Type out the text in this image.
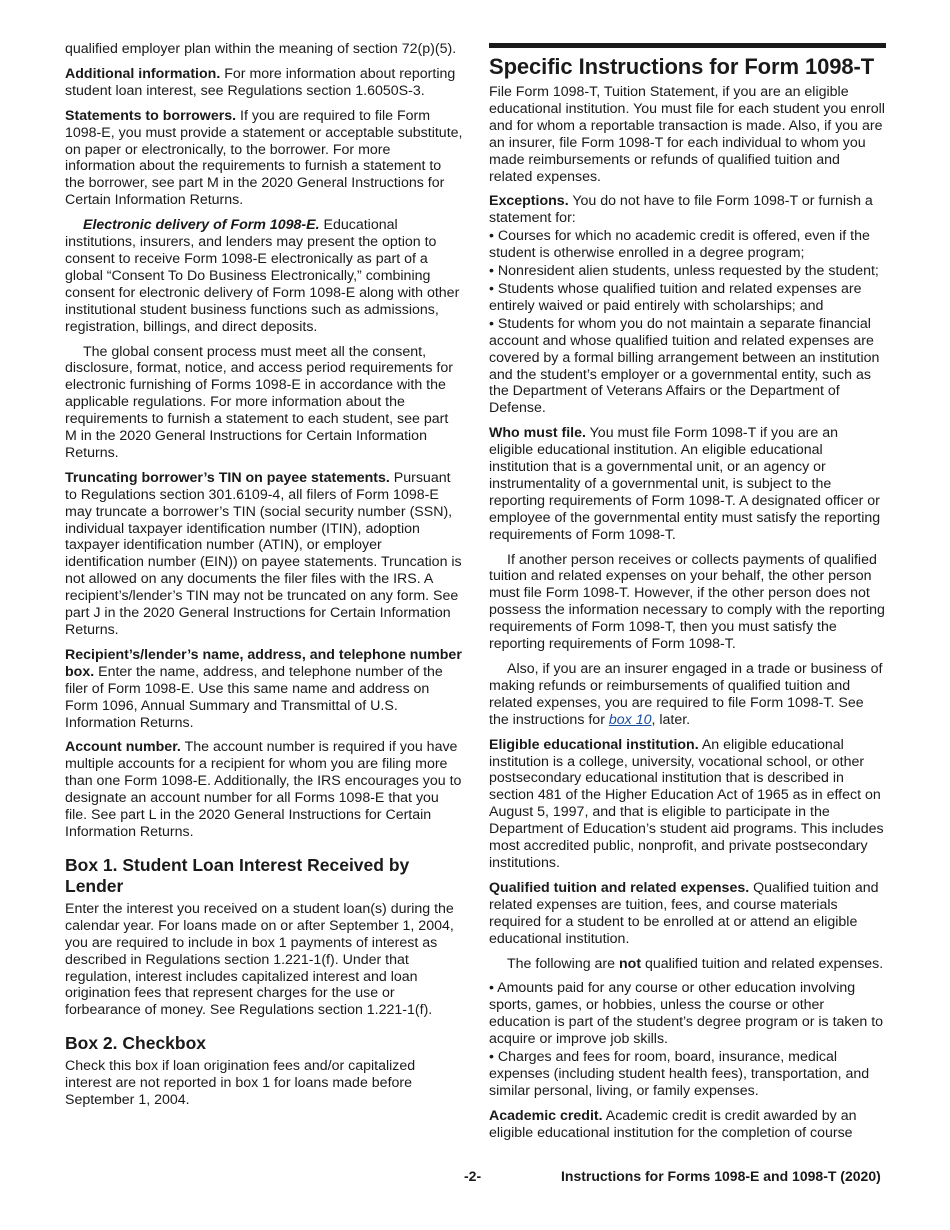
qualified employer plan within the meaning of section 72(p)(5).

Additional information. For more information about reporting student loan interest, see Regulations section 1.6050S-3.

Statements to borrowers. If you are required to file Form 1098-E, you must provide a statement or acceptable substitute, on paper or electronically, to the borrower. For more information about the requirements to furnish a statement to the borrower, see part M in the 2020 General Instructions for Certain Information Returns.

Electronic delivery of Form 1098-E. Educational institutions, insurers, and lenders may present the option to consent to receive Form 1098-E electronically as part of a global “Consent To Do Business Electronically,” combining consent for electronic delivery of Form 1098-E along with other institutional student business functions such as admissions, registration, billings, and direct deposits.

The global consent process must meet all the consent, disclosure, format, notice, and access period requirements for electronic furnishing of Forms 1098-E in accordance with the applicable regulations. For more information about the requirements to furnish a statement to each student, see part M in the 2020 General Instructions for Certain Information Returns.

Truncating borrower’s TIN on payee statements. Pursuant to Regulations section 301.6109-4, all filers of Form 1098-E may truncate a borrower’s TIN (social security number (SSN), individual taxpayer identification number (ITIN), adoption taxpayer identification number (ATIN), or employer identification number (EIN)) on payee statements. Truncation is not allowed on any documents the filer files with the IRS. A recipient’s/lender’s TIN may not be truncated on any form. See part J in the 2020 General Instructions for Certain Information Returns.

Recipient’s/lender’s name, address, and telephone number box. Enter the name, address, and telephone number of the filer of Form 1098-E. Use this same name and address on Form 1096, Annual Summary and Transmittal of U.S. Information Returns.

Account number. The account number is required if you have multiple accounts for a recipient for whom you are filing more than one Form 1098-E. Additionally, the IRS encourages you to designate an account number for all Forms 1098-E that you file. See part L in the 2020 General Instructions for Certain Information Returns.

Box 1. Student Loan Interest Received by Lender

Enter the interest you received on a student loan(s) during the calendar year. For loans made on or after September 1, 2004, you are required to include in box 1 payments of interest as described in Regulations section 1.221-1(f). Under that regulation, interest includes capitalized interest and loan origination fees that represent charges for the use or forbearance of money. See Regulations section 1.221-1(f).

Box 2. Checkbox

Check this box if loan origination fees and/or capitalized interest are not reported in box 1 for loans made before September 1, 2004.

Specific Instructions for Form 1098-T

File Form 1098-T, Tuition Statement, if you are an eligible educational institution. You must file for each student you enroll and for whom a reportable transaction is made. Also, if you are an insurer, file Form 1098-T for each individual to whom you made reimbursements or refunds of qualified tuition and related expenses.

Exceptions. You do not have to file Form 1098-T or furnish a statement for:

• Courses for which no academic credit is offered, even if the student is otherwise enrolled in a degree program;

• Nonresident alien students, unless requested by the student;

• Students whose qualified tuition and related expenses are entirely waived or paid entirely with scholarships; and

• Students for whom you do not maintain a separate financial account and whose qualified tuition and related expenses are covered by a formal billing arrangement between an institution and the student’s employer or a governmental entity, such as the Department of Veterans Affairs or the Department of Defense.

Who must file. You must file Form 1098-T if you are an eligible educational institution. An eligible educational institution that is a governmental unit, or an agency or instrumentality of a governmental unit, is subject to the reporting requirements of Form 1098-T. A designated officer or employee of the governmental entity must satisfy the reporting requirements of Form 1098-T.

If another person receives or collects payments of qualified tuition and related expenses on your behalf, the other person must file Form 1098-T. However, if the other person does not possess the information necessary to comply with the reporting requirements of Form 1098-T, then you must satisfy the reporting requirements of Form 1098-T.

Also, if you are an insurer engaged in a trade or business of making refunds or reimbursements of qualified tuition and related expenses, you are required to file Form 1098-T. See the instructions for box 10, later.

Eligible educational institution. An eligible educational institution is a college, university, vocational school, or other postsecondary educational institution that is described in section 481 of the Higher Education Act of 1965 as in effect on August 5, 1997, and that is eligible to participate in the Department of Education’s student aid programs. This includes most accredited public, nonprofit, and private postsecondary institutions.

Qualified tuition and related expenses. Qualified tuition and related expenses are tuition, fees, and course materials required for a student to be enrolled at or attend an eligible educational institution.

The following are not qualified tuition and related expenses.

• Amounts paid for any course or other education involving sports, games, or hobbies, unless the course or other education is part of the student’s degree program or is taken to acquire or improve job skills.

• Charges and fees for room, board, insurance, medical expenses (including student health fees), transportation, and similar personal, living, or family expenses.

Academic credit. Academic credit is credit awarded by an eligible educational institution for the completion of course

-2-	Instructions for Forms 1098-E and 1098-T (2020)
